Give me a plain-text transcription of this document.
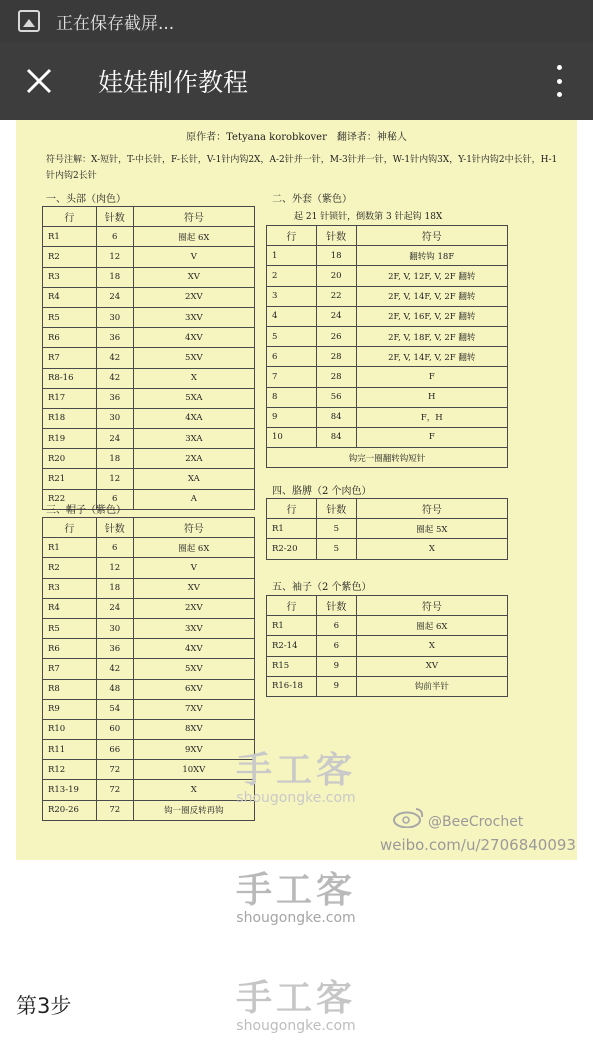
正在保存截屏...
娃娃制作教程
原作者：Tetyana korobkover　翻译者：神秘人
符号注解：X-短针，T-中长针，F-长针，V-1针内钩2X，A-2针并一针，M-3针并一针，W-1针内钩3X，Y-1针内钩2中长针，H-1针内钩2长针
一、头部（肉色）
行	针数	符号
R1	6	圈起 6X
R2	12	V
R3	18	XV
R4	24	2XV
R5	30	3XV
R6	36	4XV
R7	42	5XV
R8-16	42	X
R17	36	5XA
R18	30	4XA
R19	24	3XA
R20	18	2XA
R21	12	XA
R22	6	A
三、帽子（紫色）
行	针数	符号
R1	6	圈起 6X
R2	12	V
R3	18	XV
R4	24	2XV
R5	30	3XV
R6	36	4XV
R7	42	5XV
R8	48	6XV
R9	54	7XV
R10	60	8XV
R11	66	9XV
R12	72	10XV
R13-19	72	X
R20-26	72	钩一圈反转再钩
二、外套（紫色）
起 21 针锁针，倒数第 3 针起钩 18X
行	针数	符号
1	18	翻转钩 18F
2	20	2F, V, 12F, V, 2F 翻转
3	22	2F, V, 14F, V, 2F 翻转
4	24	2F, V, 16F, V, 2F 翻转
5	26	2F, V, 18F, V, 2F 翻转
6	28	2F, V, 14F, V, 2F 翻转
7	28	F
8	56	H
9	84	F，H
10	84	F
钩完一圈翻转钩短针		
四、胳膊（2 个肉色）
行	针数	符号
R1	5	圈起 5X
R2-20	5	X
五、袖子（2 个紫色）
行	针数	符号
R1	6	圈起 6X
R2-14	6	X
R15	9	XV
R16-18	9	钩前半针
手工客
shougongke.com
@BeeCrochet
weibo.com/u/2706840093
手工客
shougongke.com
第3步	手工客
shougongke.com
